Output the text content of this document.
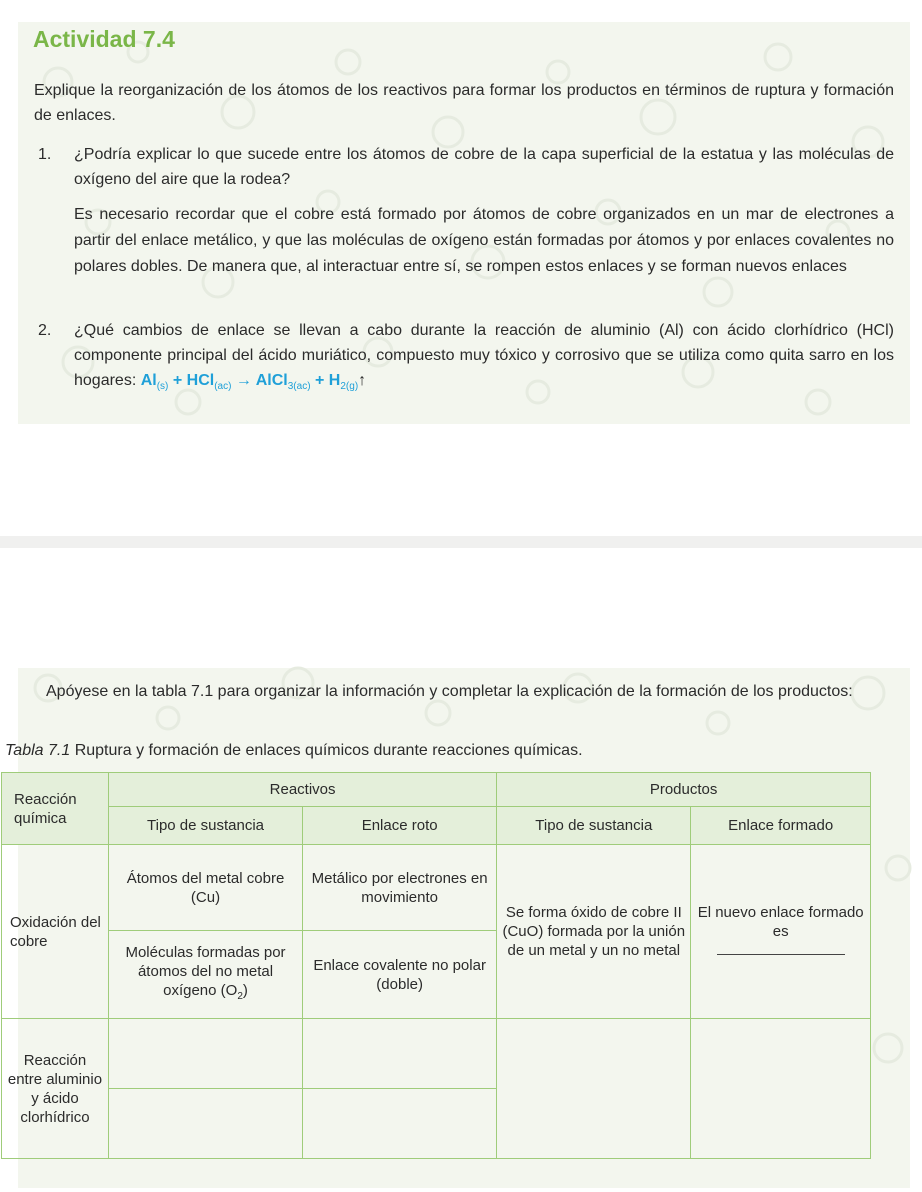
Actividad 7.4
Explique la reorganización de los átomos de los reactivos para formar los productos en términos de ruptura y formación de enlaces.
1. ¿Podría explicar lo que sucede entre los átomos de cobre de la capa superficial de la estatua y las moléculas de oxígeno del aire que la rodea?
Es necesario recordar que el cobre está formado por átomos de cobre organizados en un mar de electrones a partir del enlace metálico, y que las moléculas de oxígeno están formadas por átomos y por enlaces covalentes no polares dobles. De manera que, al interactuar entre sí, se rompen estos enlaces y se forman nuevos enlaces
2. ¿Qué cambios de enlace se llevan a cabo durante la reacción de aluminio (Al) con ácido clorhídrico (HCl) componente principal del ácido muriático, compuesto muy tóxico y corrosivo que se utiliza como quita sarro en los hogares: $Al_{(s)} + HCl_{(ac)}$ → AlCl$_{3(ac)}$ + $H_{2(g)}↑$
Apóyese en la tabla 7.1 para organizar la información y completar la explicación de la formación de los productos:
Tabla 7.1 Ruptura y formación de enlaces químicos durante reacciones químicas.
Reacción química	Reactivos		Productos	
	Tipo de sustancia	Enlace roto	Tipo de sustancia	Enlace formado
Oxidación del cobre	Átomos del metal cobre (Cu)	Metálico por electrones en movimiento	Se forma óxido de cobre II (CuO) formada por la unión de un metal y un no metal	El nuevo enlace formado es

	Moléculas formadas por átomos del no metal oxígeno $(O_2)$	Enlace covalente no polar (doble)		
Reacción entre aluminio y ácido clorhídrico				
